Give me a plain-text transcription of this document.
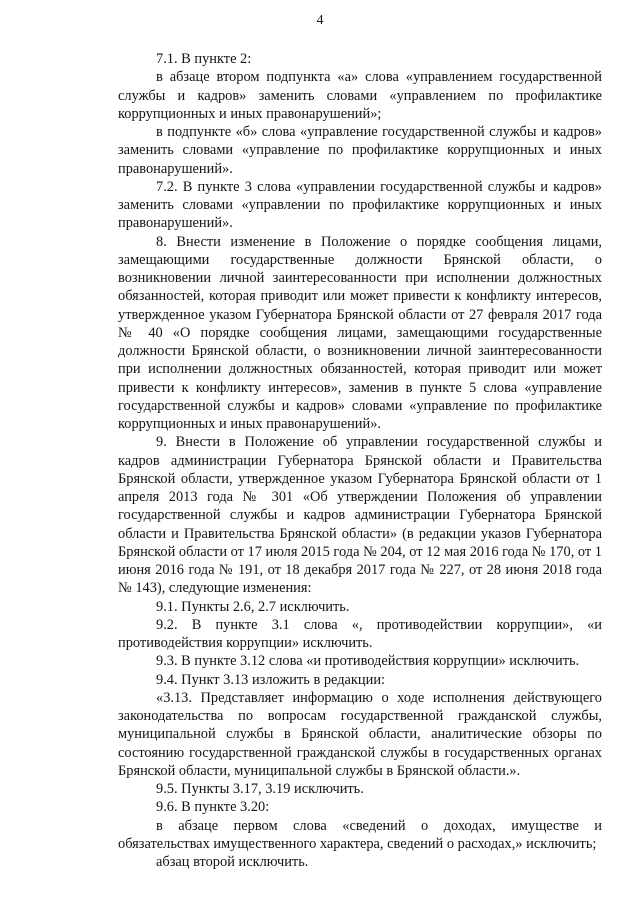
4

7.1. В пункте 2:

в абзаце втором подпункта «а» слова «управлением государственной службы и кадров» заменить словами «управлением по профилактике коррупционных и иных правонарушений»;

в подпункте «б» слова «управление государственной службы и кадров» заменить словами «управление по профилактике коррупционных и иных правонарушений».

7.2. В пункте 3 слова «управлении государственной службы и кадров» заменить словами «управлении по профилактике коррупционных и иных правонарушений».

8. Внести изменение в Положение о порядке сообщения лицами, замещающими государственные должности Брянской области, о возникновении личной заинтересованности при исполнении должностных обязанностей, которая приводит или может привести к конфликту интересов, утвержденное указом Губернатора Брянской области от 27 февраля 2017 года № 40 «О порядке сообщения лицами, замещающими государственные должности Брянской области, о возникновении личной заинтересованности при исполнении должностных обязанностей, которая приводит или может привести к конфликту интересов», заменив в пункте 5 слова «управление государственной службы и кадров» словами «управление по профилактике коррупционных и иных правонарушений».

9. Внести в Положение об управлении государственной службы и кадров администрации Губернатора Брянской области и Правительства Брянской области, утвержденное указом Губернатора Брянской области от 1 апреля 2013 года № 301 «Об утверждении Положения об управлении государственной службы и кадров администрации Губернатора Брянской области и Правительства Брянской области» (в редакции указов Губернатора Брянской области от 17 июля 2015 года № 204, от 12 мая 2016 года № 170, от 1 июня 2016 года № 191, от 18 декабря 2017 года № 227, от 28 июня 2018 года № 143), следующие изменения:

9.1. Пункты 2.6, 2.7 исключить.

9.2. В пункте 3.1 слова «, противодействии коррупции», «и противодействия коррупции» исключить.

9.3. В пункте 3.12 слова «и противодействия коррупции» исключить.

9.4. Пункт 3.13 изложить в редакции:

«3.13. Представляет информацию о ходе исполнения действующего законодательства по вопросам государственной гражданской службы, муниципальной службы в Брянской области, аналитические обзоры по состоянию государственной гражданской службы в государственных органах Брянской области, муниципальной службы в Брянской области.».

9.5. Пункты 3.17, 3.19 исключить.

9.6. В пункте 3.20:

в абзаце первом слова «сведений о доходах, имуществе и обязательствах имущественного характера, сведений о расходах,» исключить;

абзац второй исключить.
